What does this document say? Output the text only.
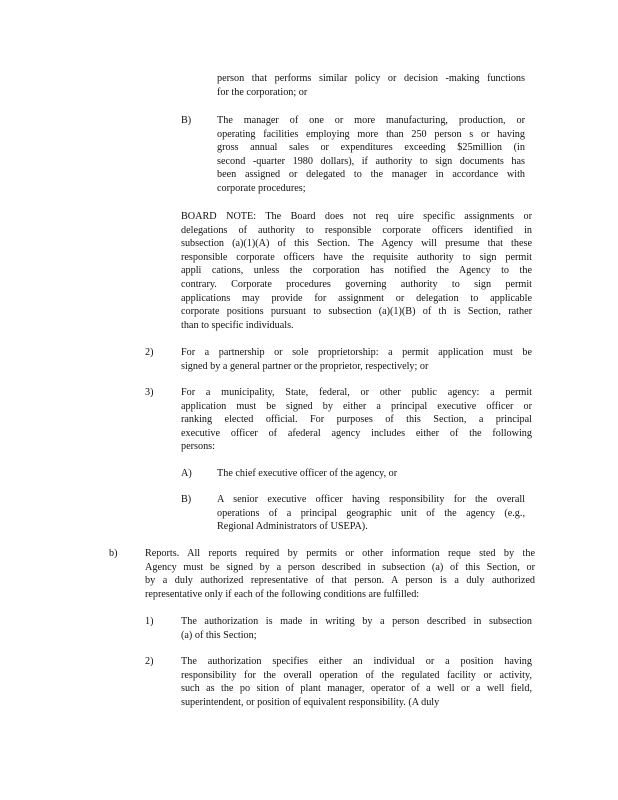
person that performs similar policy or decision -making functions
for the corporation; or
B)	The manager of one or more manufacturing, production, or
operating facilities employing more than 250 person s or having
gross annual sales or expenditures exceeding $25million (in
second -quarter 1980 dollars), if authority to sign documents has
been assigned or delegated to the manager in accordance with
corporate procedures;
BOARD NOTE: The Board does not req uire specific assignments or
delegations of authority to responsible corporate officers identified in
subsection (a)(1)(A) of this Section. The Agency will presume that these
responsible corporate officers have the requisite authority to sign permit
appli cations, unless the corporation has notified the Agency to the
contrary. Corporate procedures governing authority to sign permit
applications may provide for assignment or delegation to applicable
corporate positions pursuant to subsection (a)(1)(B) of th is Section, rather
than to specific individuals.
2)	For a partnership or sole proprietorship: a permit application must be
signed by a general partner or the proprietor, respectively; or
3)	For a municipality, State, federal, or other public agency: a permit
application must be signed by either a principal executive officer or
ranking elected official. For purposes of this Section, a principal
executive officer of afederal agency includes either of the following
persons:
A) The chief executive officer of the agency, or
B)	A senior executive officer having responsibility for the overall
operations of a principal geographic unit of the agency (e.g.,
Regional Administrators of USEPA).
b)	Reports. All reports required by permits or other information reque sted by the
Agency must be signed by a person described in subsection (a) of this Section, or
by a duly authorized representative of that person. A person is a duly authorized
representative only if each of the following conditions are fulfilled:
1)	The authorization is made in writing by a person described in subsection
(a) of this Section;
2)	The authorization specifies either an individual or a position having
responsibility for the overall operation of the regulated facility or activity,
such as the po sition of plant manager, operator of a well or a well field,
superintendent, or position of equivalent responsibility. (A duly
